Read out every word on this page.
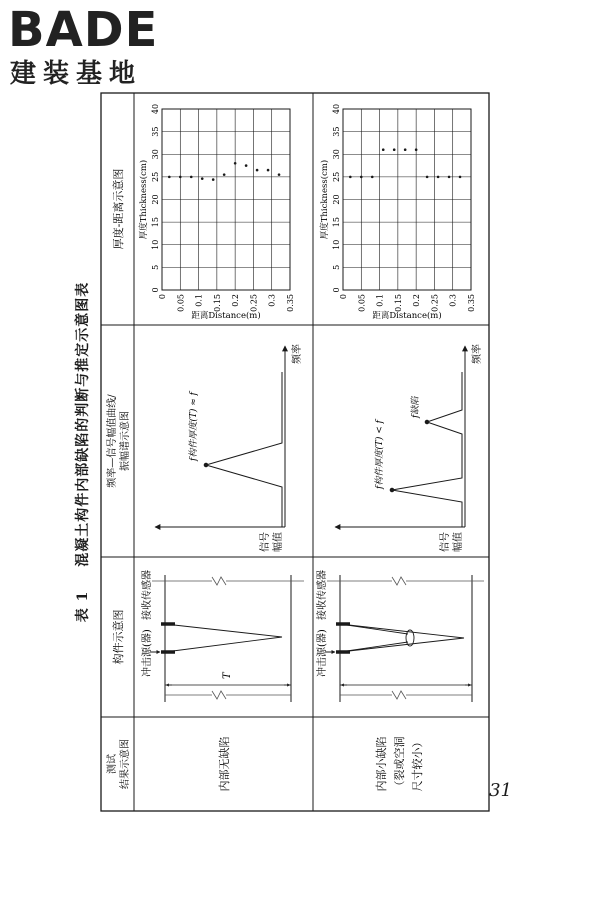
BADE
建装基地
表 1 混凝土构件内部缺陷的判断与推定示意图表
测试 结果示意图
构件示意图
频率—信号幅值曲线/ 振幅谱示意图
厚度-距离示意图
内部无缺陷	内部小缺陷 （裂或空洞 尺寸较小）
T
冲击源(器)
接收传感器
f构件厚度(T) ≈ f
信号 幅值
频率
0
5
10
15
20
25
30
35
40
0 0.05 0.1 0.15 0.2 0.25 0.3 0.35
厚度Thickness(cm)
距离Distance(m)
冲击源(器)
接收传感器
f构件厚度(T) < f
f缺陷
信号 幅值
频率
0
5
10
15
20
25
30
35
40
0 0.05 0.1 0.15 0.2 0.25 0.3 0.35
厚度Thickness(cm)
距离Distance(m)
31
